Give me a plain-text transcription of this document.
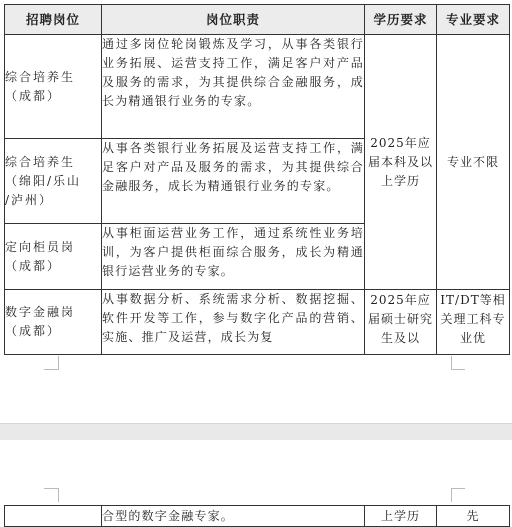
招聘岗位	岗位职责	学历要求	专业要求

综合培养生
（成都）	通过多岗位轮岗锻炼及学习，从事各类银行业务拓展、运营支持工作，满足客户对产品及服务的需求，为其提供综合金融服务，成长为精通银行业务的专家。	2025年应届本科及以上学历	专业不限

综合培养生
（绵阳/乐山
/泸州）	从事各类银行业务拓展及运营支持工作，满足客户对产品及服务的需求，为其提供综合金融服务，成长为精通银行业务的专家。		

定向柜员岗
（成都）	从事柜面运营业务工作，通过系统性业务培训，为客户提供柜面综合服务，成长为精通银行运营业务的专家。		

数字金融岗
（成都）	从事数据分析、系统需求分析、数据挖掘、软件开发等工作，参与数字化产品的营销、实施、推广及运营，成长为复	2025年应届硕士研究生及以	IT/DT等相关理工科专业优
	合型的数字金融专家。	上学历	先
